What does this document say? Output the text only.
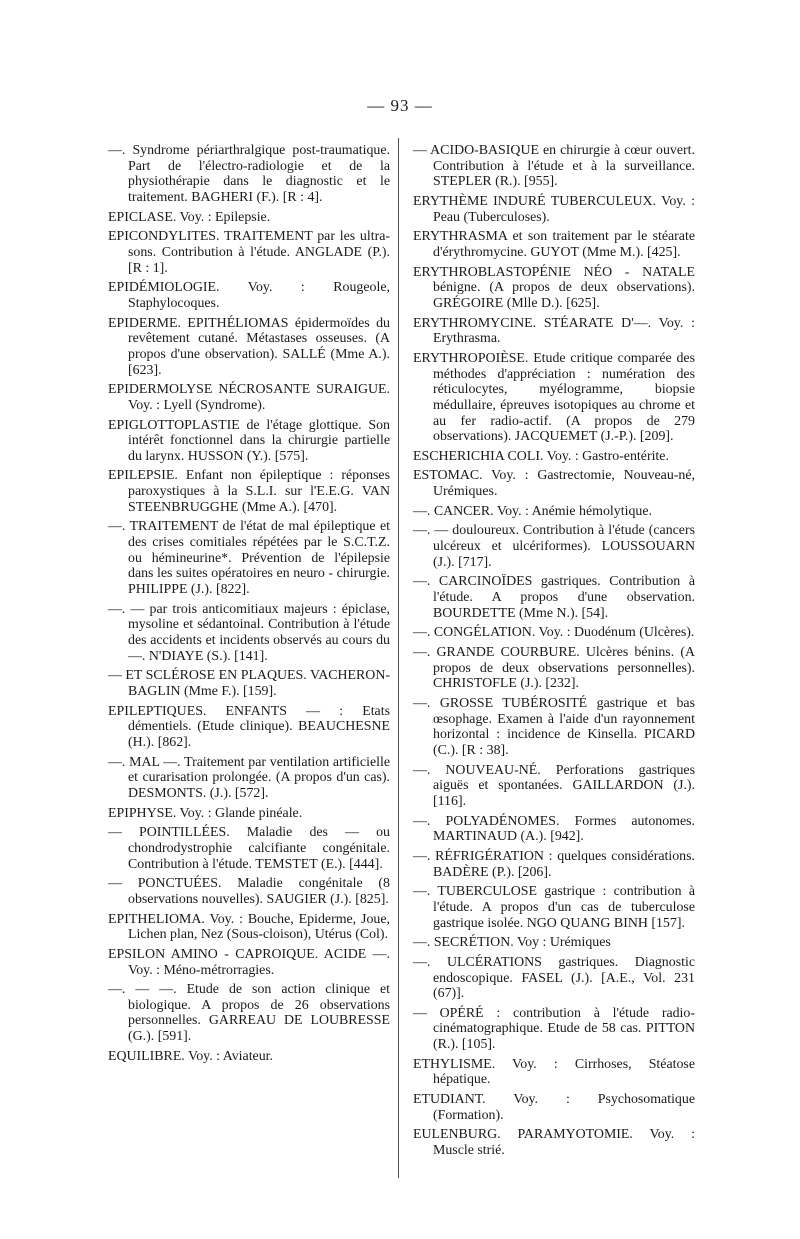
— 93 —

—. Syndrome périarthralgique post-traumatique. Part de l'électro-radiologie et de la physiothérapie dans le diagnostic et le traitement. BAGHERI (F.). [R : 4].

EPICLASE. Voy. : Epilepsie.

EPICONDYLITES. TRAITEMENT par les ultra-sons. Contribution à l'étude. ANGLADE (P.). [R : 1].

EPIDÉMIOLOGIE. Voy. : Rougeole, Staphylocoques.

EPIDERME. EPITHÉLIOMAS épidermoïdes du revêtement cutané. Métastases osseuses. (A propos d'une observation). SALLÉ (Mme A.). [623].

EPIDERMOLYSE NÉCROSANTE SURAIGUE. Voy. : Lyell (Syndrome).

EPIGLOTTOPLASTIE de l'étage glottique. Son intérêt fonctionnel dans la chirurgie partielle du larynx. HUSSON (Y.). [575].

EPILEPSIE. Enfant non épileptique : réponses paroxystiques à la S.L.I. sur l'E.E.G. VAN STEENBRUGGHE (Mme A.). [470].

—. TRAITEMENT de l'état de mal épileptique et des crises comitiales répétées par le S.C.T.Z. ou hémineurine*. Prévention de l'épilepsie dans les suites opératoires en neuro - chirurgie. PHILIPPE (J.). [822].

—. — par trois anticomitiaux majeurs : épiclase, mysoline et sédantoinal. Contribution à l'étude des accidents et incidents observés au cours du —. N'DIAYE (S.). [141].

— ET SCLÉROSE EN PLAQUES. VACHERON-BAGLIN (Mme F.). [159].

EPILEPTIQUES. ENFANTS — : Etats démentiels. (Etude clinique). BEAUCHESNE (H.). [862].

—. MAL —. Traitement par ventilation artificielle et curarisation prolongée. (A propos d'un cas). DESMONTS. (J.). [572].

EPIPHYSE. Voy. : Glande pinéale.

— POINTILLÉES. Maladie des — ou chondrodystrophie calcifiante congénitale. Contribution à l'étude. TEMSTET (E.). [444].

— PONCTUÉES. Maladie congénitale (8 observations nouvelles). SAUGIER (J.). [825].

EPITHELIOMA. Voy. : Bouche, Epiderme, Joue, Lichen plan, Nez (Sous-cloison), Utérus (Col).

EPSILON AMINO - CAPROIQUE. ACIDE —. Voy. : Méno-métrorragies.

—. — —. Etude de son action clinique et biologique. A propos de 26 observations personnelles. GARREAU DE LOUBRESSE (G.). [591].

EQUILIBRE. Voy. : Aviateur.

— ACIDO-BASIQUE en chirurgie à cœur ouvert. Contribution à l'étude et à la surveillance. STEPLER (R.). [955].

ERYTHÈME INDURÉ TUBERCULEUX. Voy. : Peau (Tuberculoses).

ERYTHRASMA et son traitement par le stéarate d'érythromycine. GUYOT (Mme M.). [425].

ERYTHROBLASTOPÉNIE NÉO - NATALE bénigne. (A propos de deux observations). GRÉGOIRE (Mlle D.). [625].

ERYTHROMYCINE. STÉARATE D'—. Voy. : Erythrasma.

ERYTHROPOIÈSE. Etude critique comparée des méthodes d'appréciation : numération des réticulocytes, myélogramme, biopsie médullaire, épreuves isotopiques au chrome et au fer radio-actif. (A propos de 279 observations). JACQUEMET (J.-P.). [209].

ESCHERICHIA COLI. Voy. : Gastro-entérite.

ESTOMAC. Voy. : Gastrectomie, Nouveau-né, Urémiques.

—. CANCER. Voy. : Anémie hémolytique.

—. — douloureux. Contribution à l'étude (cancers ulcéreux et ulcériformes). LOUSSOUARN (J.). [717].

—. CARCINOÏDES gastriques. Contribution à l'étude. A propos d'une observation. BOURDETTE (Mme N.). [54].

—. CONGÉLATION. Voy. : Duodénum (Ulcères).

—. GRANDE COURBURE. Ulcères bénins. (A propos de deux observations personnelles). CHRISTOFLE (J.). [232].

—. GROSSE TUBÉROSITÉ gastrique et bas œsophage. Examen à l'aide d'un rayonnement horizontal : incidence de Kinsella. PICARD (C.). [R : 38].

—. NOUVEAU-NÉ. Perforations gastriques aiguës et spontanées. GAILLARDON (J.). [116].

—. POLYADÉNOMES. Formes autonomes. MARTINAUD (A.). [942].

—. RÉFRIGÉRATION : quelques considérations. BADÈRE (P.). [206].

—. TUBERCULOSE gastrique : contribution à l'étude. A propos d'un cas de tuberculose gastrique isolée. NGO QUANG BINH [157].

—. SECRÉTION. Voy : Urémiques

—. ULCÉRATIONS gastriques. Diagnostic endoscopique. FASEL (J.). [A.E., Vol. 231 (67)].

— OPÉRÉ : contribution à l'étude radio-cinématographique. Etude de 58 cas. PITTON (R.). [105].

ETHYLISME. Voy. : Cirrhoses, Stéatose hépatique.

ETUDIANT. Voy. : Psychosomatique (Formation).

EULENBURG. PARAMYOTOMIE. Voy. : Muscle strié.
